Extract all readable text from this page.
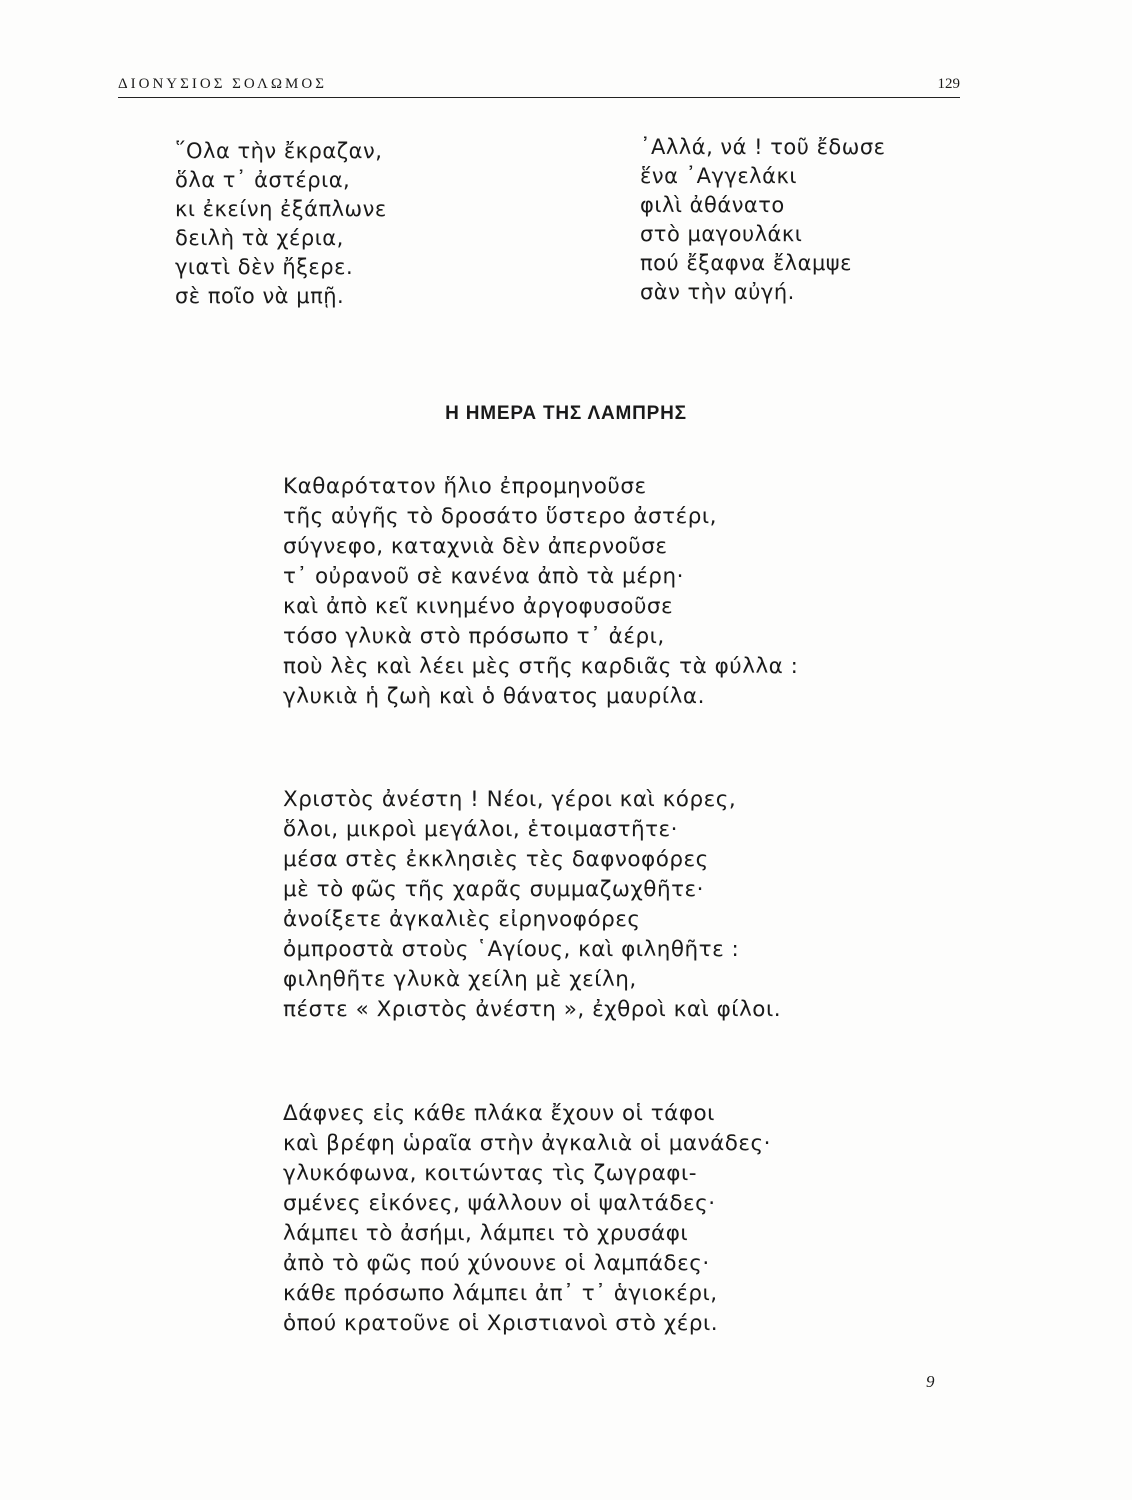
ΔΙΟΝΥΣΙΟΣ ΣΟΛΩΜΟΣ	129
῞Ολα τὴν ἔκραζαν,
ὅλα τ᾽ ἀστέρια,
κι ἐκείνη ἐξάπλωνε
δειλὴ τὰ χέρια,
γιατὶ δὲν ἤξερε.
σὲ ποῖο νὰ μπῇ.
᾿Αλλά, νά ! τοῦ ἔδωσε
ἕνα ᾿Αγγελάκι
φιλὶ ἀθάνατο
στὸ μαγουλάκι
πού ἔξαφνα ἔλαμψε
σὰν τὴν αὐγή.
Η ΗΜΕΡΑ ΤΗΣ ΛΑΜΠΡΗΣ
Καθαρότατον ἥλιο ἐπρομηνοῦσε
τῆς αὐγῆς τὸ δροσάτο ὕστερο ἀστέρι,
σύγνεφο, καταχνιὰ δὲν ἀπερνοῦσε
τ᾽ οὐρανοῦ σὲ κανένα ἀπὸ τὰ μέρη·
καὶ ἀπὸ κεῖ κινημένο ἀργοφυσοῦσε
τόσο γλυκὰ στὸ πρόσωπο τ᾽ ἀέρι,
ποὺ λὲς καὶ λέει μὲς στῆς καρδιᾶς τὰ φύλλα :
γλυκιὰ ἡ ζωὴ καὶ ὁ θάνατος μαυρίλα.
Χριστὸς ἀνέστη ! Νέοι, γέροι καὶ κόρες,
ὅλοι, μικροὶ μεγάλοι, ἑτοιμαστῆτε·
μέσα στὲς ἐκκλησιὲς τὲς δαφνοφόρες
μὲ τὸ φῶς τῆς χαρᾶς συμμαζωχθῆτε·
ἀνοίξετε ἀγκαλιὲς εἰρηνοφόρες
ὀμπροστὰ στοὺς ῾Αγίους, καὶ φιληθῆτε :
φιληθῆτε γλυκὰ χείλη μὲ χείλη,
πέστε « Χριστὸς ἀνέστη », ἐχθροὶ καὶ φίλοι.
Δάφνες εἰς κάθε πλάκα ἔχουν οἱ τάφοι
καὶ βρέφη ὡραῖα στὴν ἀγκαλιὰ οἱ μανάδες·
γλυκόφωνα, κοιτώντας τὶς ζωγραφι-
σμένες εἰκόνες, ψάλλουν οἱ ψαλτάδες·
λάμπει τὸ ἀσήμι, λάμπει τὸ χρυσάφι
ἀπὸ τὸ φῶς πού χύνουνε οἱ λαμπάδες·
κάθε πρόσωπο λάμπει ἀπ᾽ τ᾽ ἁγιοκέρι,
ὁπού κρατοῦνε οἱ Χριστιανοὶ στὸ χέρι.
9
